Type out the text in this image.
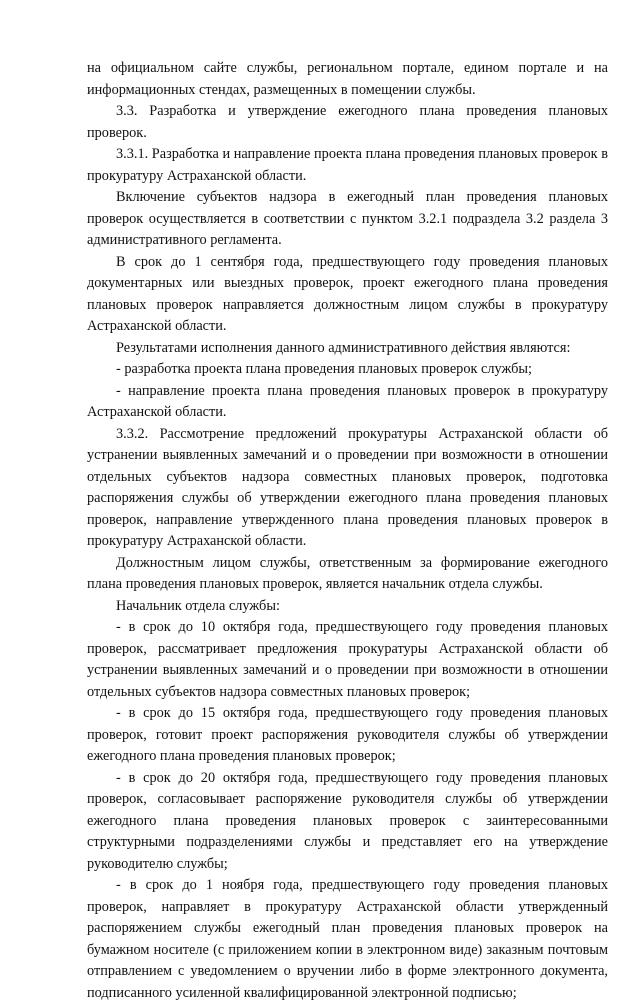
на официальном сайте службы, региональном портале, едином портале и на информационных стендах, размещенных в помещении службы.

3.3. Разработка и утверждение ежегодного плана проведения плановых проверок.

3.3.1. Разработка и направление проекта плана проведения плановых проверок в прокуратуру Астраханской области.

Включение субъектов надзора в ежегодный план проведения плановых проверок осуществляется в соответствии с пунктом 3.2.1 подраздела 3.2 раздела 3 административного регламента.

В срок до 1 сентября года, предшествующего году проведения плановых документарных или выездных проверок, проект ежегодного плана проведения плановых проверок направляется должностным лицом службы в прокуратуру Астраханской области.

Результатами исполнения данного административного действия являются:

- разработка проекта плана проведения плановых проверок службы;

- направление проекта плана проведения плановых проверок в прокуратуру Астраханской области.

3.3.2. Рассмотрение предложений прокуратуры Астраханской области об устранении выявленных замечаний и о проведении при возможности в отношении отдельных субъектов надзора совместных плановых проверок, подготовка распоряжения службы об утверждении ежегодного плана проведения плановых проверок, направление утвержденного плана проведения плановых проверок в прокуратуру Астраханской области.

Должностным лицом службы, ответственным за формирование ежегодного плана проведения плановых проверок, является начальник отдела службы.

Начальник отдела службы:

- в срок до 10 октября года, предшествующего году проведения плановых проверок, рассматривает предложения прокуратуры Астраханской области об устранении выявленных замечаний и о проведении при возможности в отношении отдельных субъектов надзора совместных плановых проверок;

- в срок до 15 октября года, предшествующего году проведения плановых проверок, готовит проект распоряжения руководителя службы об утверждении ежегодного плана проведения плановых проверок;

- в срок до 20 октября года, предшествующего году проведения плановых проверок, согласовывает распоряжение руководителя службы об утверждении ежегодного плана проведения плановых проверок с заинтересованными структурными подразделениями службы и представляет его на утверждение руководителю службы;

- в срок до 1 ноября года, предшествующего году проведения плановых проверок, направляет в прокуратуру Астраханской области утвержденный распоряжением службы ежегодный план проведения плановых проверок на бумажном носителе (с приложением копии в электронном виде) заказным почтовым отправлением с уведомлением о вручении либо в форме электронного документа, подписанного усиленной квалифицированной электронной подписью;
